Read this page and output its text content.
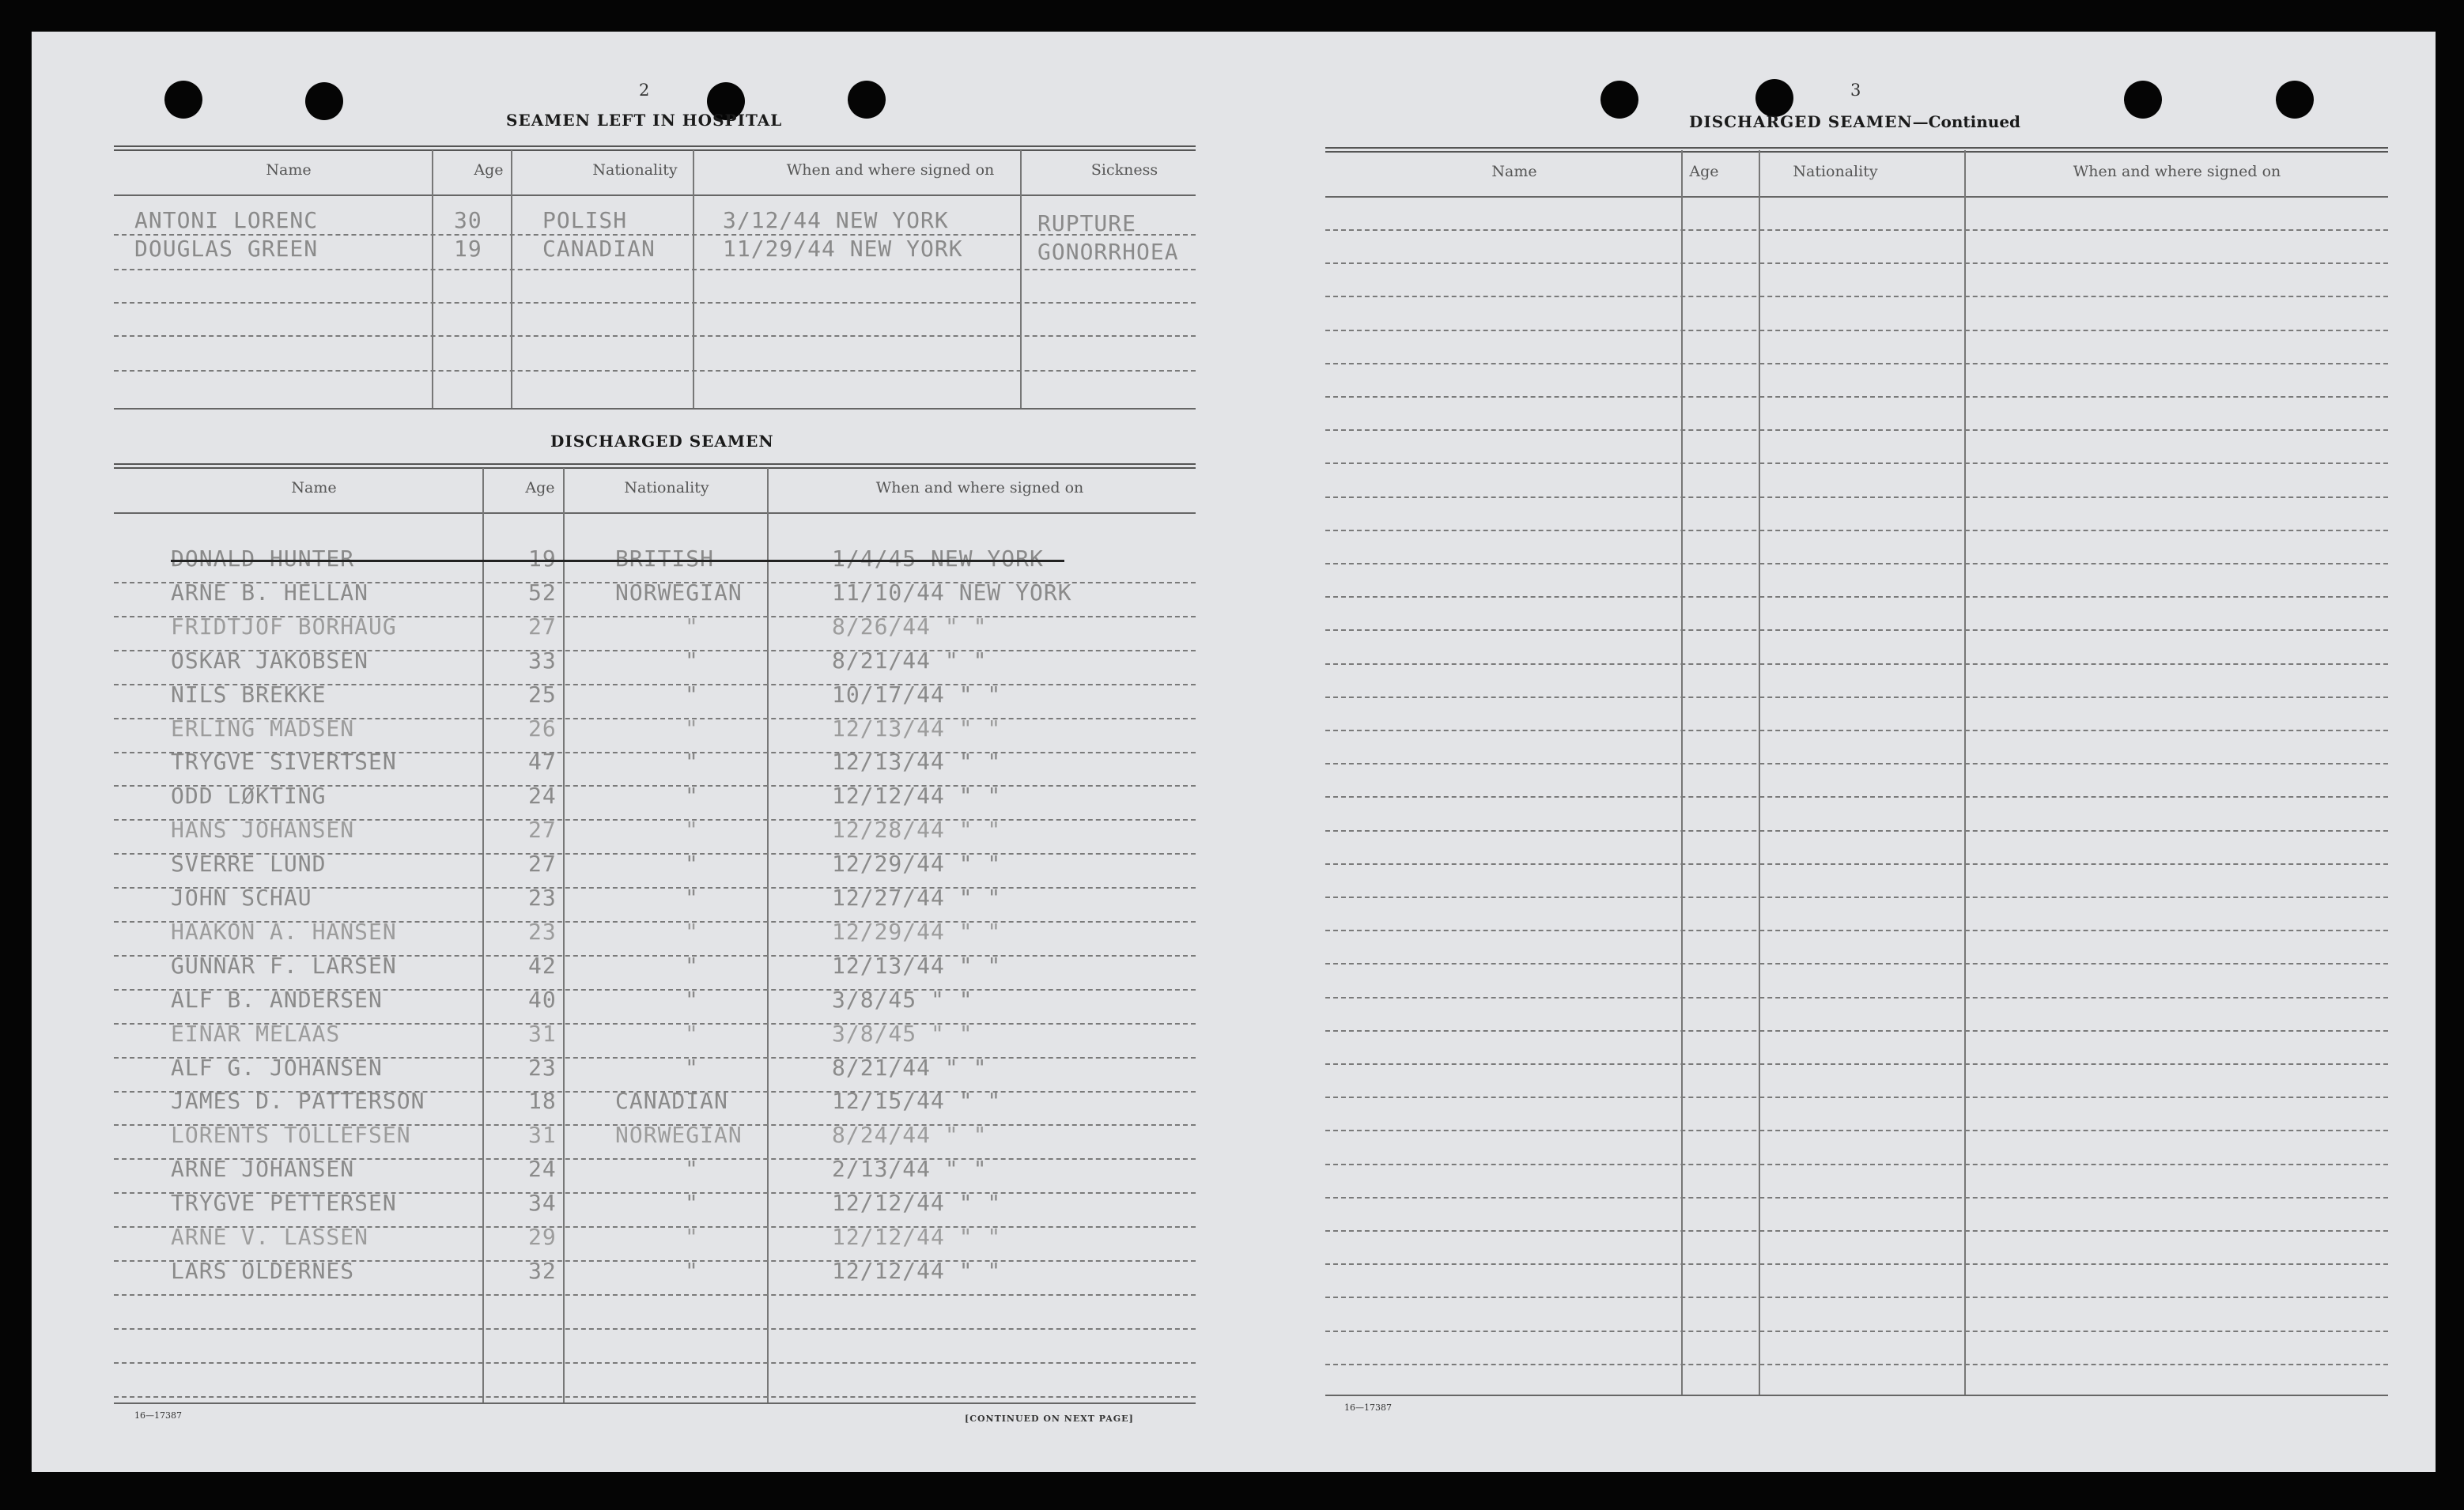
2
SEAMEN LEFT IN HOSPITAL
Name	Age	Nationality	When and where signed on	Sickness
ANTONI LORENC	30	POLISH	3/12/44 NEW YORK	RUPTURE
DOUGLAS GREEN	19	CANADIAN	11/29/44 NEW YORK	GONORRHOEA
DISCHARGED SEAMEN
Name	Age	Nationality	When and where signed on
DONALD HUNTER	19	BRITISH	1/4/45 NEW YORK
ARNE B. HELLAN	52	NORWEGIAN	11/10/44 NEW YORK
FRIDTJOF BORHAUG	27	"	8/26/44 " "
OSKAR JAKOBSEN	33	"	8/21/44 " "
NILS BREKKE	25	"	10/17/44 " "
ERLING MADSEN	26	"	12/13/44 " "
TRYGVE SIVERTSEN	47	"	12/13/44 " "
ODD LØKTING	24	"	12/12/44 " "
HANS JOHANSEN	27	"	12/28/44 " "
SVERRE LUND	27	"	12/29/44 " "
JOHN SCHAU	23	"	12/27/44 " "
HAAKON A. HANSEN	23	"	12/29/44 " "
GUNNAR F. LARSEN	42	"	12/13/44 " "
ALF B. ANDERSEN	40	"	3/8/45 " "
EINAR MELAAS	31	"	3/8/45 " "
ALF G. JOHANSEN	23	"	8/21/44 " "
JAMES D. PATTERSON	18	CANADIAN	12/15/44 " "
LORENTS TOLLEFSEN	31	NORWEGIAN	8/24/44 " "
ARNE JOHANSEN	24	"	2/13/44 " "
TRYGVE PETTERSEN	34	"	12/12/44 " "
ARNE V. LASSEN	29	"	12/12/44 " "
LARS OLDERNES	32	"	12/12/44 " "
16—17387	[CONTINUED ON NEXT PAGE]
3
DISCHARGED SEAMEN—Continued
Name	Age	Nationality	When and where signed on
16—17387
